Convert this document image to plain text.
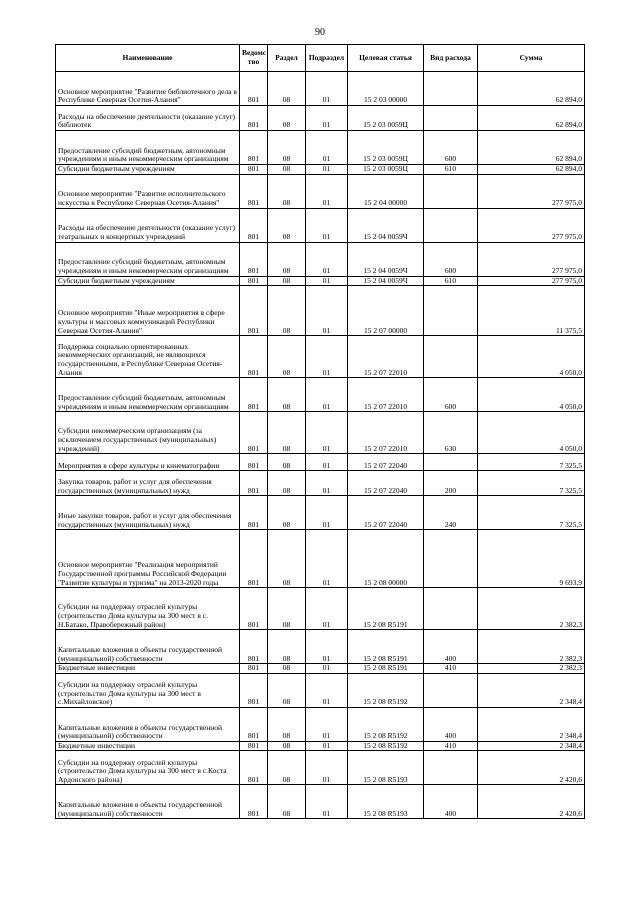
90
Наименование	Ведомс тво	Раздел	Подраздел	Целевая статья	Вид расхода	Сумма
Основное мероприятие "Развитие библиотечного дела в Республике Северная Осетия-Алания"	801	08	01	15 2 03 00000		62 894,0
Расходы на обеспечение деятельности (оказание услуг) библиотек	801	08	01	15 2 03 0059Ц		62 894,0
Предоставление субсидий бюджетным, автономным учреждениям и иным некоммерческим организациям	801	08	01	15 2 03 0059Ц	600	62 894,0
Субсидии бюджетным учреждениям	801	08	01	15 2 03 0059Ц	610	62 894,0
Основное мероприятие "Развитие исполнительского искусства в Республике Северная Осетия-Алания"	801	08	01	15 2 04 00000		277 975,0
Расходы на обеспечение деятельности (оказание услуг) театральных и концертных учреждений	801	08	01	15 2 04 0059Ч		277 975,0
Предоставление субсидий бюджетным, автономным учреждениям и иным некоммерческим организациям	801	08	01	15 2 04 0059Ч	600	277 975,0
Субсидии бюджетным учреждениям	801	08	01	15 2 04 0059Ч	610	277 975,0
Основное мероприятие "Иные мероприятия в сфере культуры и массовых коммуникаций Республики Северная Осетия-Алания"	801	08	01	15 2 07 00000		11 375,5
Поддержка социально ориентированных некоммерческих организаций, не являющихся государственными, в Республике Северная Осетия-Алания	801	08	01	15 2 07 22010		4 050,0
Предоставление субсидий бюджетным, автономным учреждениям и иным некоммерческим организациям	801	08	01	15 2 07 22010	600	4 050,0
Субсидии некоммерческим организациям (за исключением государственных (муниципальных) учреждений)	801	08	01	15 2 07 22010	630	4 050,0
Мероприятия в сфере культуры и кинематографии	801	08	01	15 2 07 22040		7 325,5
Закупка товаров, работ и услуг для обеспечения государственных (муниципальных) нужд	801	08	01	15 2 07 22040	200	7 325,5
Иные закупки товаров, работ и услуг для обеспечения государственных (муниципальных) нужд	801	08	01	15 2 07 22040	240	7 325,5
Основное мероприятие "Реализация мероприятий Государственной программы Российской Федерации "Развитие культуры и туризма" на 2013-2020 годы	801	08	01	15 2 08 00000		9 693,9
Субсидии на поддержку отраслей культуры (строительство Дома культуры на 300 мест в с. Н.Батако, Правобережный район)	801	08	01	15 2 08 R5191		2 382,3
Капитальные вложения в объекты государственной (муниципальной) собственности	801	08	01	15 2 08 R5191	400	2 382,3
Бюджетные инвестиции	801	08	01	15 2 08 R5191	410	2 382,3
Субсидии на поддержку отраслей культуры (строительство Дома культуры на 300 мест в с.Михайловское)	801	08	01	15 2 08 R5192		2 348,4
Капитальные вложения в объекты государственной (муниципальной) собственности	801	08	01	15 2 08 R5192	400	2 348,4
Бюджетные инвестиции	801	08	01	15 2 08 R5192	410	2 348,4
Субсидии на поддержку отраслей культуры (строительство Дома культуры на 300 мест в с.Коста Ардонского района)	801	08	01	15 2 08 R5193		2 420,6
Капитальные вложения в объекты государственной (муниципальной) собственности	801	08	01	15 2 08 R5193	400	2 420,6
